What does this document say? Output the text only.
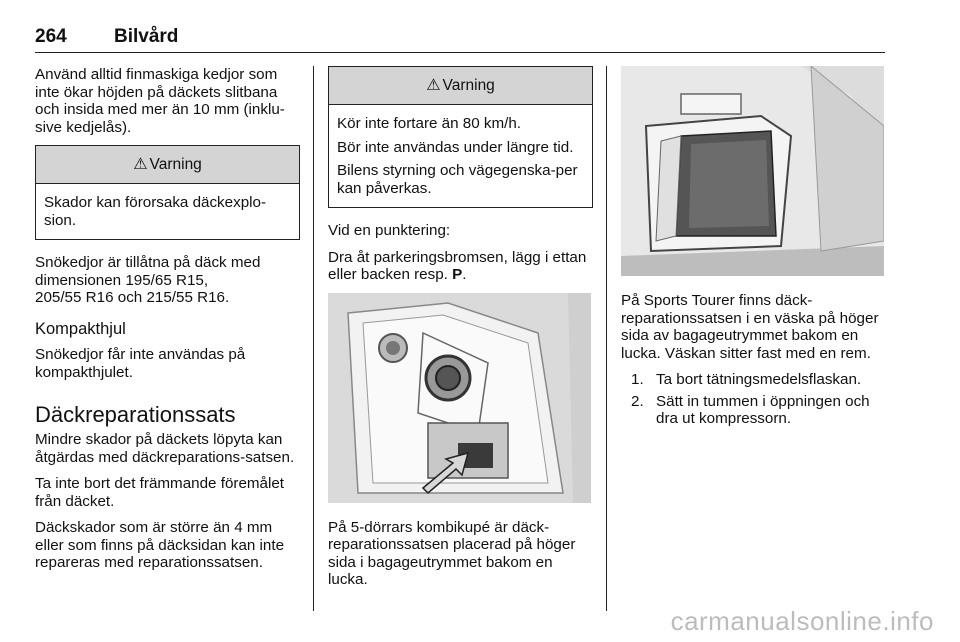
264 Bilvård

Använd alltid finmaskiga kedjor som inte ökar höjden på däckets slitbana och insida med mer än 10 mm (inklu-sive kedjelås).

⚠ Varning

Skador kan förorsaka däckexplo-sion.

Snökedjor är tillåtna på däck med dimensionen 195/65 R15,

205/55 R16 och 215/55 R16.

Kompakthjul

Snökedjor får inte användas på kompakthjulet.

Däckreparationssats

Mindre skador på däckets löpyta kan åtgärdas med däckreparations-satsen.

Ta inte bort det främmande föremålet från däcket.

Däckskador som är större än 4 mm eller som finns på däcksidan kan inte repareras med reparationssatsen.

⚠ Varning

Kör inte fortare än 80 km/h.

Bör inte användas under längre tid.

Bilens styrning och vägegenska-per kan påverkas.

Vid en punktering:

Dra åt parkeringsbromsen, lägg i ettan eller backen resp. P.

På 5-dörrars kombikupé är däck-reparationssatsen placerad på höger sida i bagageutrymmet bakom en lucka.

På Sports Tourer finns däck-reparationssatsen i en väska på höger sida av bagageutrymmet bakom en lucka. Väskan sitter fast med en rem.

1. Ta bort tätningsmedelsflaskan.
2. Sätt in tummen i öppningen och dra ut kompressorn.
carmanualsonline.info
